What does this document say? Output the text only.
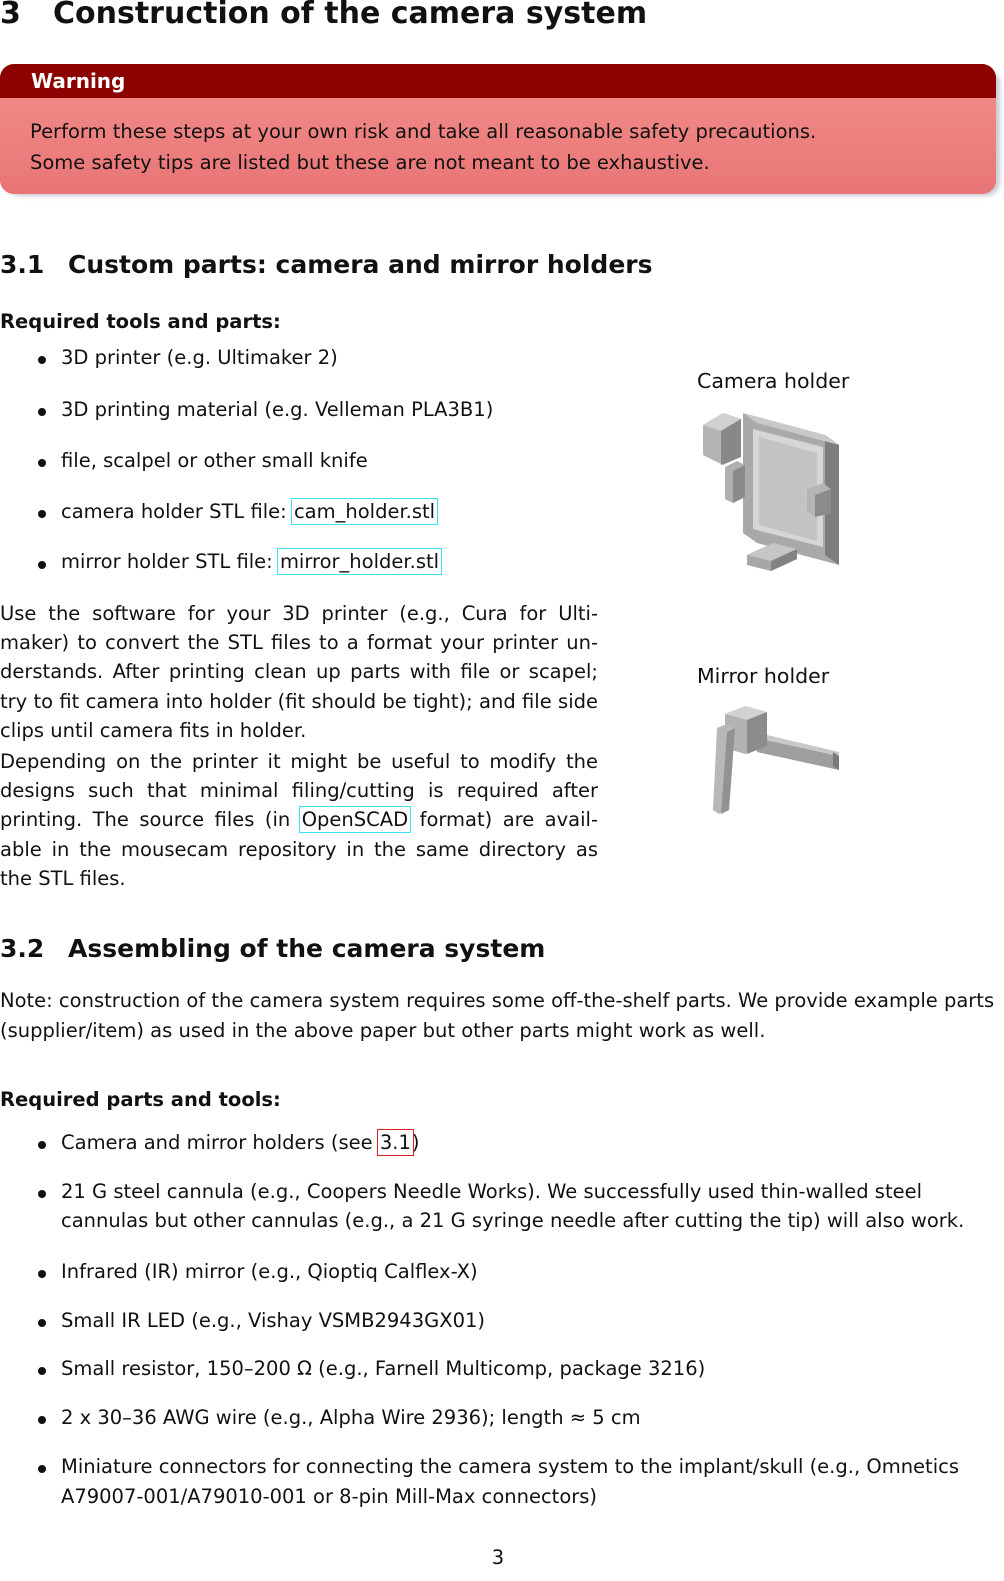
3 Construction of the camera system
Warning
Perform these steps at your own risk and take all reasonable safety precautions.
Some safety tips are listed but these are not meant to be exhaustive.
3.1 Custom parts: camera and mirror holders
Required tools and parts:
3D printer (e.g. Ultimaker 2)
3D printing material (e.g. Velleman PLA3B1)
file, scalpel or other small knife
camera holder STL file: cam_holder.stl
mirror holder STL file: mirror_holder.stl
Use the software for your 3D printer (e.g., Cura for Ultimaker) to convert the STL files to a format your printer understands. After printing clean up parts with file or scapel; try to fit camera into holder (fit should be tight); and file side clips until camera fits in holder.
Depending on the printer it might be useful to modify the designs such that minimal filing/cutting is required after printing. The source files (in OpenSCAD format) are available in the mousecam repository in the same directory as the STL files.
Camera holder
Mirror holder
3.2 Assembling of the camera system
Note: construction of the camera system requires some off-the-shelf parts. We provide example parts (supplier/item) as used in the above paper but other parts might work as well.
Required parts and tools:
Camera and mirror holders (see 3.1)
21 G steel cannula (e.g., Coopers Needle Works). We successfully used thin-walled steel
cannulas but other cannulas (e.g., a 21 G syringe needle after cutting the tip) will also work.
Infrared (IR) mirror (e.g., Qioptiq Calflex-X)
Small IR LED (e.g., Vishay VSMB2943GX01)
Small resistor, 150–200 Ω (e.g., Farnell Multicomp, package 3216)
2 x 30–36 AWG wire (e.g., Alpha Wire 2936); length ≈ 5 cm
Miniature connectors for connecting the camera system to the implant/skull (e.g., Omnetics
A79007-001/A79010-001 or 8-pin Mill-Max connectors)
3
